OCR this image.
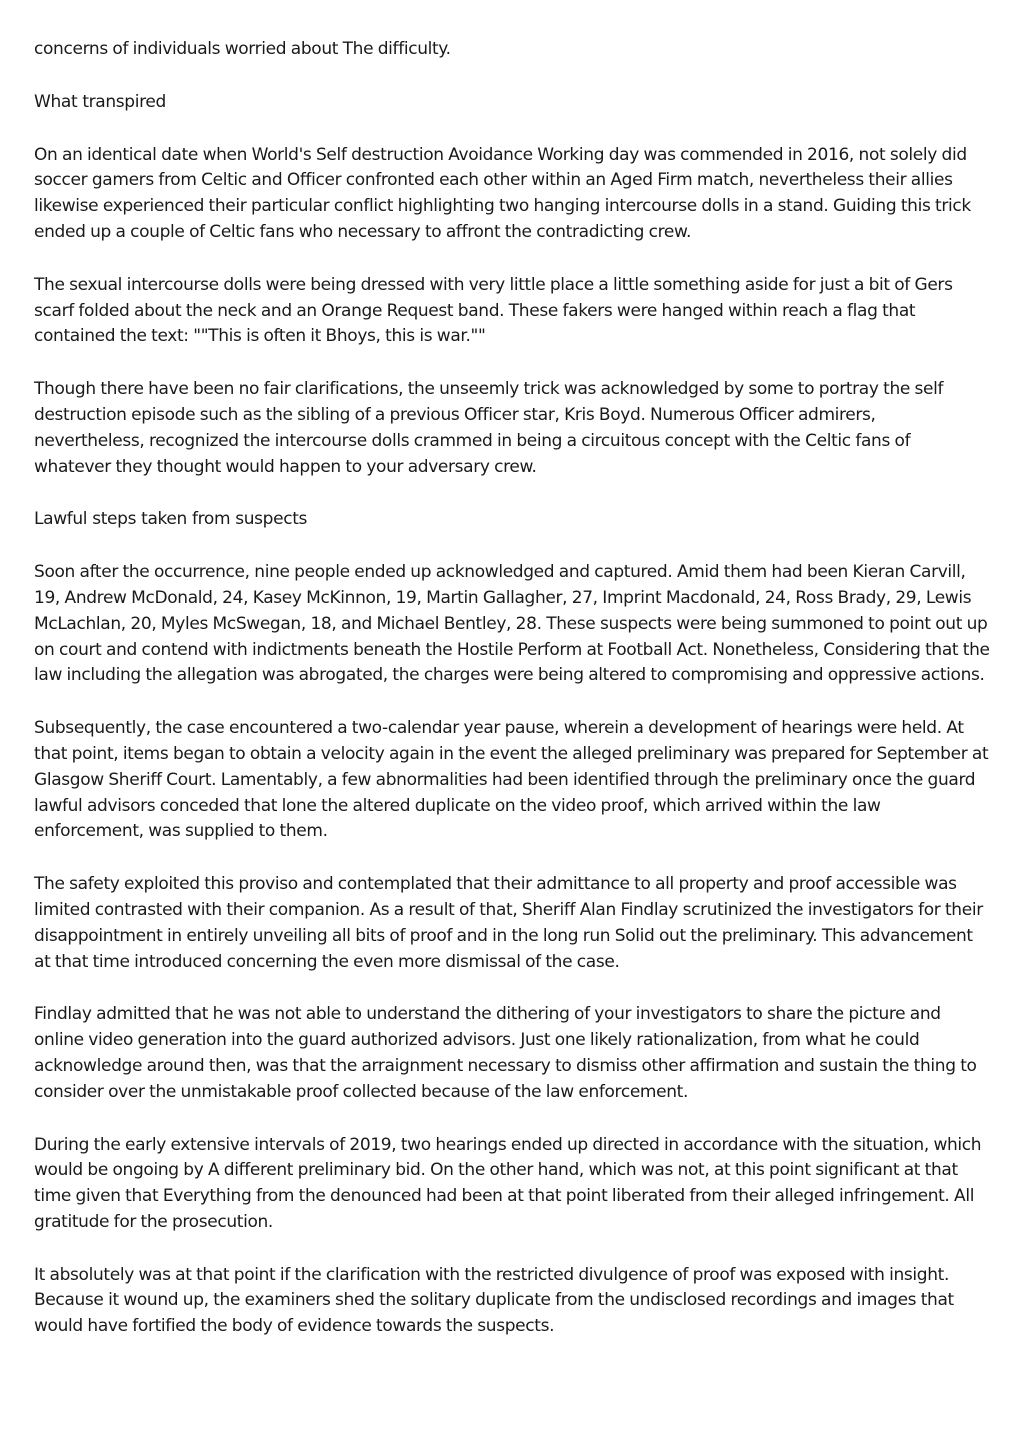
concerns of individuals worried about The difficulty.

What transpired

On an identical date when World's Self destruction Avoidance Working day was commended in 2016, not solely did soccer gamers from Celtic and Officer confronted each other within an Aged Firm match, nevertheless their allies likewise experienced their particular conflict highlighting two hanging intercourse dolls in a stand. Guiding this trick ended up a couple of Celtic fans who necessary to affront the contradicting crew.

The sexual intercourse dolls were being dressed with very little place a little something aside for just a bit of Gers scarf folded about the neck and an Orange Request band. These fakers were hanged within reach a flag that contained the text: ""This is often it Bhoys, this is war.""

Though there have been no fair clarifications, the unseemly trick was acknowledged by some to portray the self destruction episode such as the sibling of a previous Officer star, Kris Boyd. Numerous Officer admirers, nevertheless, recognized the intercourse dolls crammed in being a circuitous concept with the Celtic fans of whatever they thought would happen to your adversary crew.

Lawful steps taken from suspects

Soon after the occurrence, nine people ended up acknowledged and captured. Amid them had been Kieran Carvill, 19, Andrew McDonald, 24, Kasey McKinnon, 19, Martin Gallagher, 27, Imprint Macdonald, 24, Ross Brady, 29, Lewis McLachlan, 20, Myles McSwegan, 18, and Michael Bentley, 28. These suspects were being summoned to point out up on court and contend with indictments beneath the Hostile Perform at Football Act. Nonetheless, Considering that the law including the allegation was abrogated, the charges were being altered to compromising and oppressive actions.

Subsequently, the case encountered a two-calendar year pause, wherein a development of hearings were held. At that point, items began to obtain a velocity again in the event the alleged preliminary was prepared for September at Glasgow Sheriff Court. Lamentably, a few abnormalities had been identified through the preliminary once the guard lawful advisors conceded that lone the altered duplicate on the video proof, which arrived within the law enforcement, was supplied to them.

The safety exploited this proviso and contemplated that their admittance to all property and proof accessible was limited contrasted with their companion. As a result of that, Sheriff Alan Findlay scrutinized the investigators for their disappointment in entirely unveiling all bits of proof and in the long run Solid out the preliminary. This advancement at that time introduced concerning the even more dismissal of the case.

Findlay admitted that he was not able to understand the dithering of your investigators to share the picture and online video generation into the guard authorized advisors. Just one likely rationalization, from what he could acknowledge around then, was that the arraignment necessary to dismiss other affirmation and sustain the thing to consider over the unmistakable proof collected because of the law enforcement.

During the early extensive intervals of 2019, two hearings ended up directed in accordance with the situation, which would be ongoing by A different preliminary bid. On the other hand, which was not, at this point significant at that time given that Everything from the denounced had been at that point liberated from their alleged infringement. All gratitude for the prosecution.

It absolutely was at that point if the clarification with the restricted divulgence of proof was exposed with insight. Because it wound up, the examiners shed the solitary duplicate from the undisclosed recordings and images that would have fortified the body of evidence towards the suspects.
